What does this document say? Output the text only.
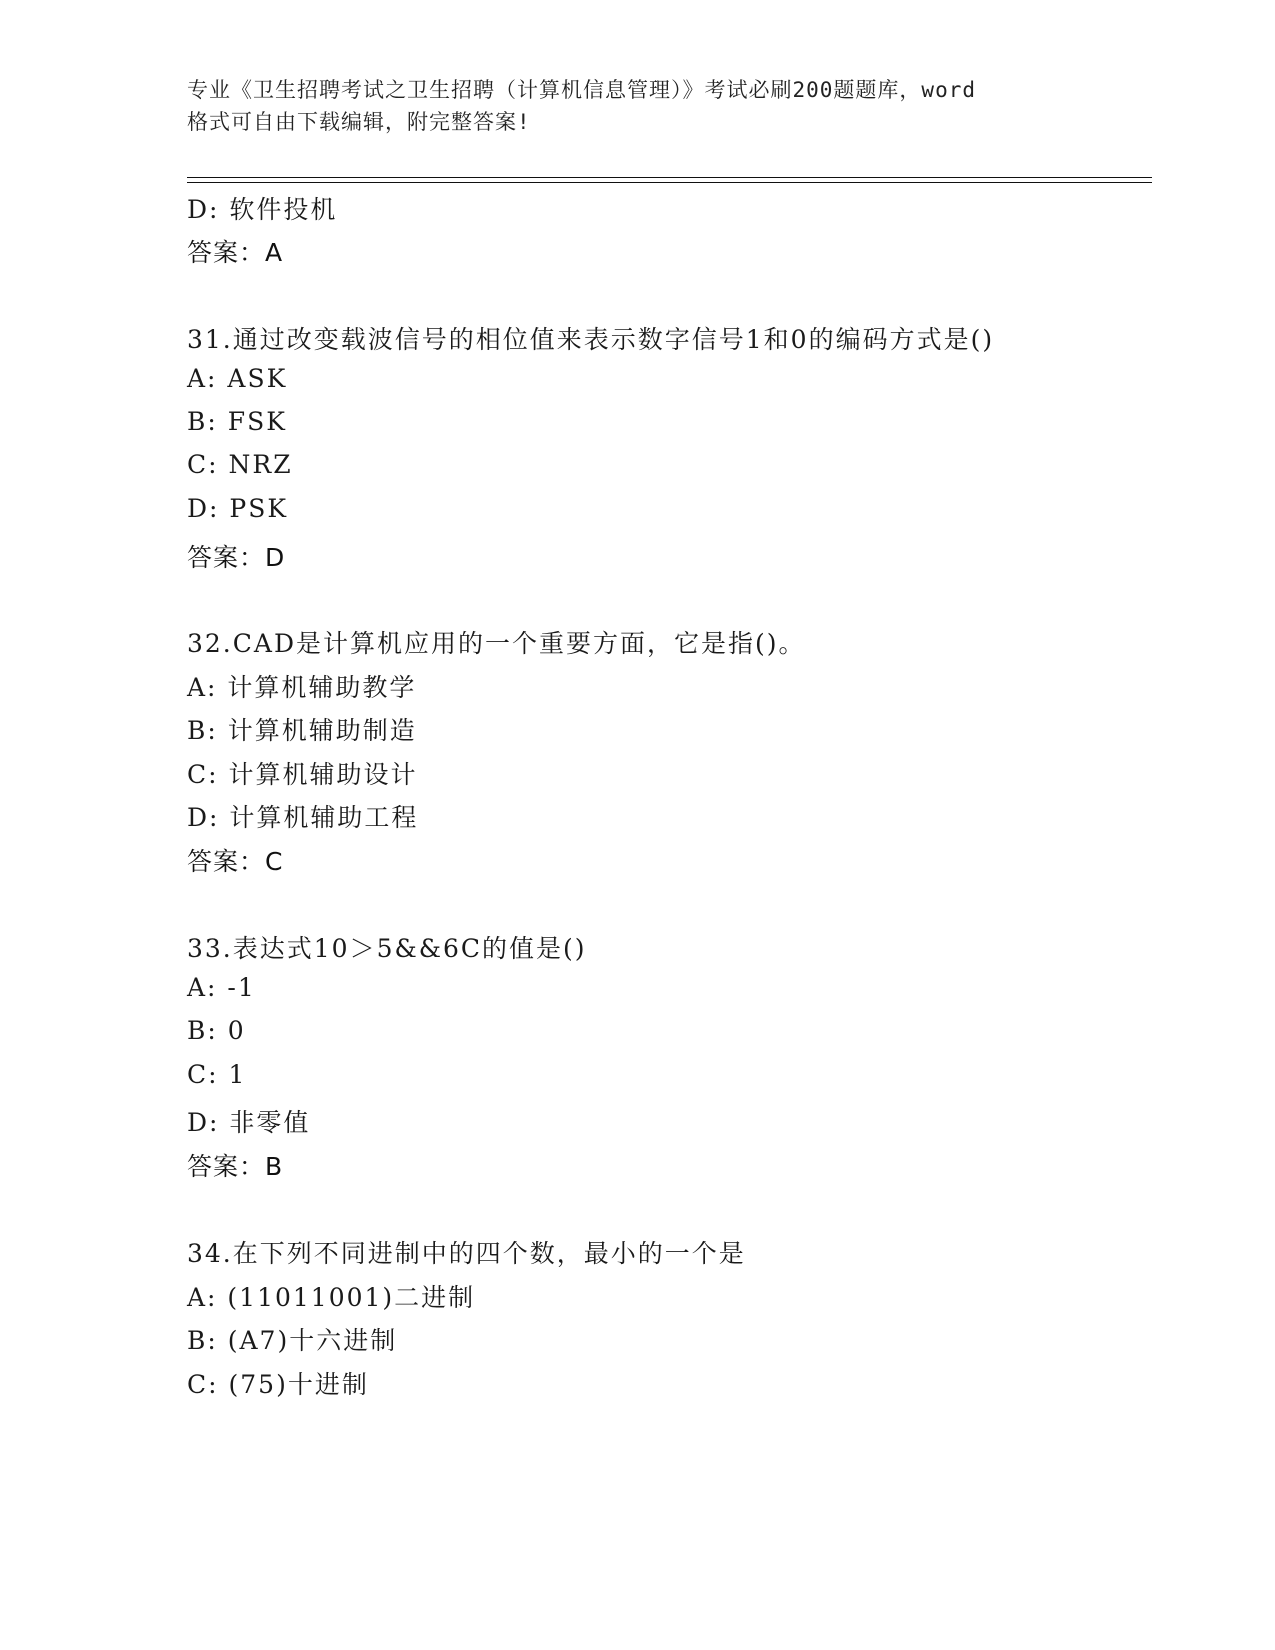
专业《卫生招聘考试之卫生招聘（计算机信息管理）》考试必刷200题题库，word
格式可自由下载编辑，附完整答案!
D: 软件投机
答案：A
31.通过改变载波信号的相位值来表示数字信号1和0的编码方式是()
A: ASK
B: FSK
C: NRZ
D: PSK
答案：D
32.CAD是计算机应用的一个重要方面，它是指()。
A: 计算机辅助教学
B: 计算机辅助制造
C: 计算机辅助设计
D: 计算机辅助工程
答案：C
33.表达式10＞5&&6C的值是()
A: -1
B: 0
C: 1
D: 非零值
答案：B
34.在下列不同进制中的四个数，最小的一个是
A: (11011001)二进制
B: (A7)十六进制
C: (75)十进制
